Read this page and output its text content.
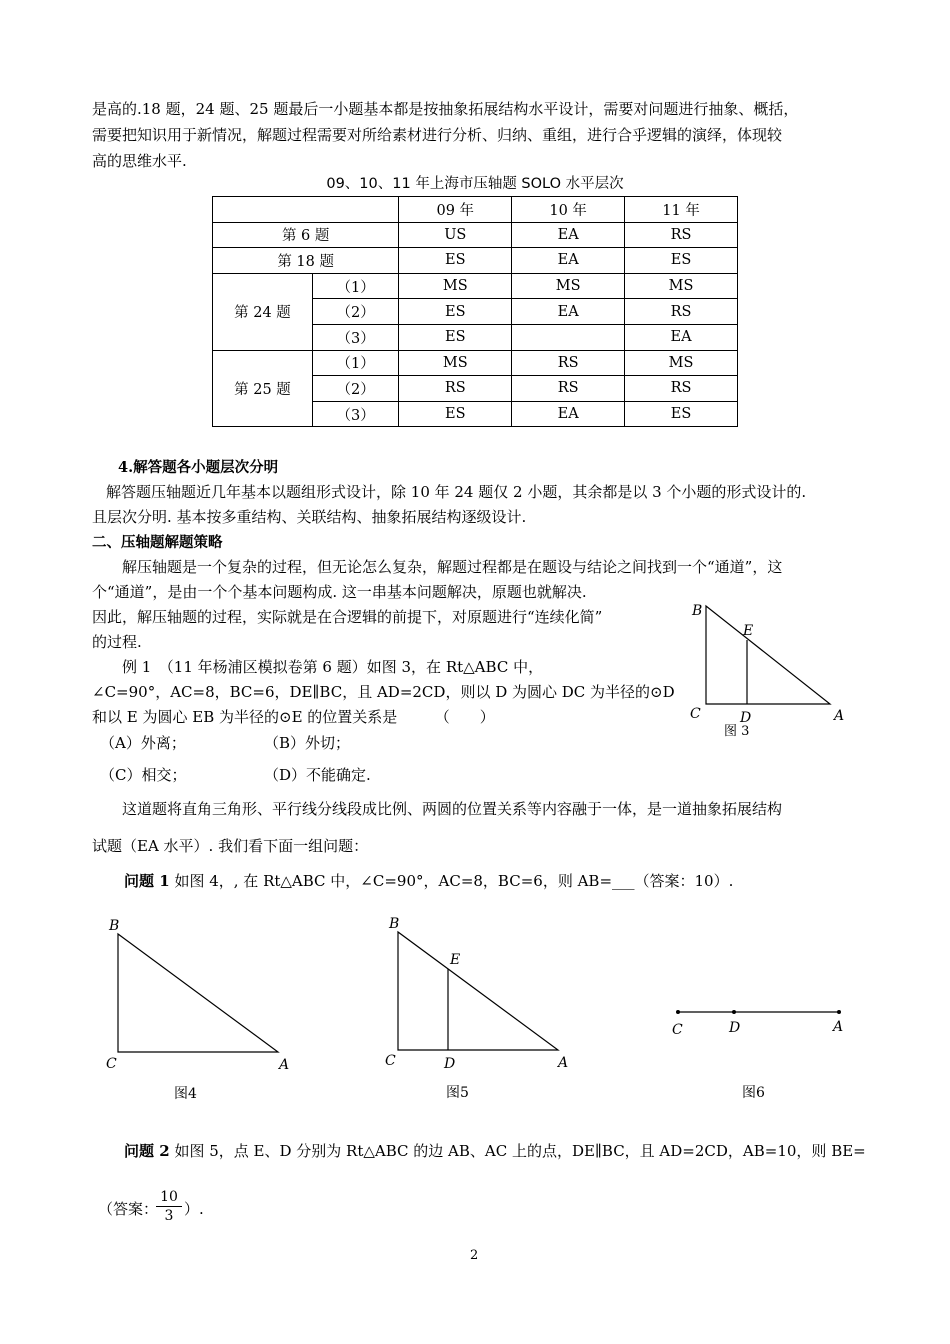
是高的.18 题，24 题、25 题最后一小题基本都是按抽象拓展结构水平设计，需要对问题进行抽象、概括，
需要把知识用于新情况，解题过程需要对所给素材进行分析、归纳、重组，进行合乎逻辑的演绎，体现较
高的思维水平.
09、10、11 年上海市压轴题 SOLO 水平层次
		09 年	10 年	11 年
第 6 题		US	EA	RS
第 18 题		ES	EA	ES
第 24 题	（1）	MS	MS	MS
	（2）	ES	EA	RS
	（3）	ES		EA
第 25 题	（1）	MS	RS	MS
	（2）	RS	RS	RS
	（3）	ES	EA	ES
4.解答题各小题层次分明
解答题压轴题近几年基本以题组形式设计，除 10 年 24 题仅 2 小题，其余都是以 3 个小题的形式设计的.
且层次分明. 基本按多重结构、关联结构、抽象拓展结构逐级设计.
二、压轴题解题策略
解压轴题是一个复杂的过程，但无论怎么复杂，解题过程都是在题设与结论之间找到一个“通道”，这
个“通道”，是由一个个基本问题构成. 这一串基本问题解决，原题也就解决.
因此，解压轴题的过程，实际就是在合逻辑的前提下，对原题进行“连续化简”
的过程.
例 1　（11 年杨浦区模拟卷第 6 题）如图 3，在 Rt△ABC 中，
∠C=90°，AC=8，BC=6，DE∥BC，且 AD=2CD，则以 D 为圆心 DC 为半径的⊙D
和以 E 为圆心 EB 为半径的⊙E 的位置关系是　　　（　　）
（A）外离；	（B）外切；
（C）相交；	（D）不能确定.
B
E
C	D	A
图 3
这道题将直角三角形、平行线分线段成比例、两圆的位置关系等内容融于一体，是一道抽象拓展结构
试题（EA 水平）. 我们看下面一组问题：
问题 1 如图 4，, 在 Rt△ABC 中，∠C=90°，AC=8，BC=6，则 AB=___（答案：10）.
B
C	A
图4
B
E
C	D	A
图5
C	D	A
图6
问题 2 如图 5，点 E、D 分别为 Rt△ABC 的边 AB、AC 上的点，DE∥BC，且 AD=2CD，AB=10，则 BE=
（答案：
$\frac{10}{3}$ ）.
2
